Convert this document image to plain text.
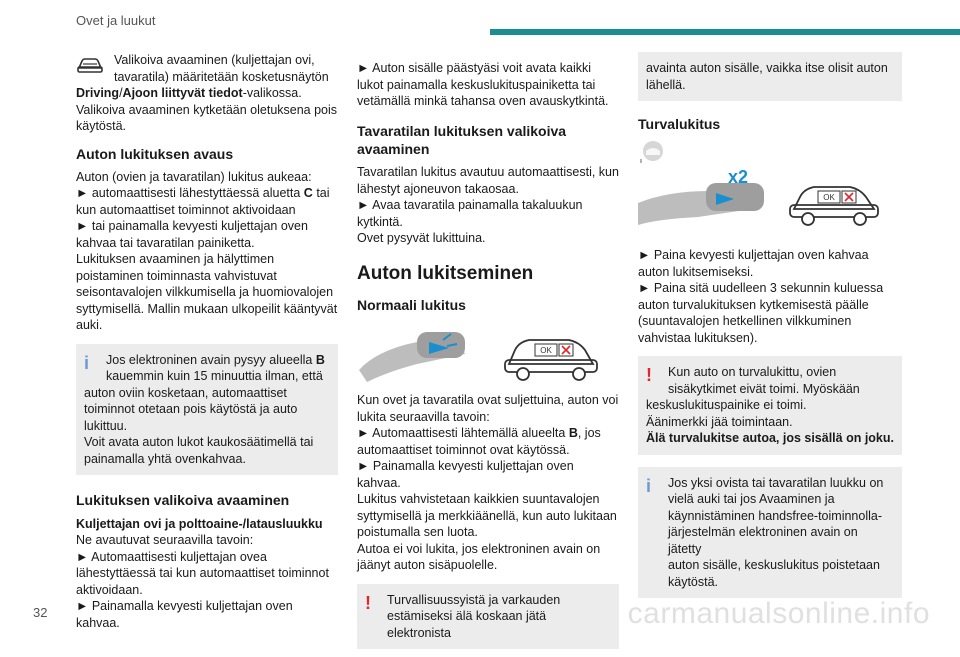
Ovet ja luukut

Valikoiva avaaminen (kuljettajan ovi,
tavaratila) määritetään kosketusnäytön
Driving/Ajoon liittyvät tiedot-valikossa.

Valikoiva avaaminen kytketään oletuksena pois käytöstä.

Auton lukituksen avaus

Auton (ovien ja tavaratilan) lukitus aukeaa:

► automaattisesti lähestyttäessä aluetta C tai kun automaattiset toiminnot aktivoidaan

► tai painamalla kevyesti kuljettajan oven kahvaa tai tavaratilan painiketta.

Lukituksen avaaminen ja hälyttimen poistaminen toiminnasta vahvistuvat seisontavalojen vilkkumisella ja huomiovalojen syttymisellä. Mallin mukaan ulkopeilit kääntyvät auki.

i	Jos elektroninen avain pysyy alueella B
kauemmin kuin 15 minuuttia ilman, että
auton oviin kosketaan, automaattiset toiminnot otetaan pois käytöstä ja auto lukittuu.
Voit avata auton lukot kaukosäätimellä tai painamalla yhtä ovenkahvaa.
Lukituksen valikoiva avaaminen

Kuljettajan ovi ja polttoaine-/latausluukku

Ne avautuvat seuraavilla tavoin:

► Automaattisesti kuljettajan ovea lähestyttäessä tai kun automaattiset toiminnot aktivoidaan.

► Painamalla kevyesti kuljettajan oven kahvaa.

► Auton sisälle päästyäsi voit avata kaikki lukot painamalla keskuslukituspainiketta tai vetämällä minkä tahansa oven avauskytkintä.

Tavaratilan lukituksen valikoiva avaaminen

Tavaratilan lukitus avautuu automaattisesti, kun lähestyt ajoneuvon takaosaa.

► Avaa tavaratila painamalla takaluukun kytkintä.

Ovet pysyvät lukittuina.

Auton lukitseminen
Normaali lukitus
OK

Kun ovet ja tavaratila ovat suljettuina, auton voi lukita seuraavilla tavoin:

► Automaattisesti lähtemällä alueelta B, jos automaattiset toiminnot ovat käytössä.

► Painamalla kevyesti kuljettajan oven kahvaa.

Lukitus vahvistetaan kaikkien suuntavalojen syttymisellä ja merkkiäänellä, kun auto lukitaan poistumalla sen luota.

Autoa ei voi lukita, jos elektroninen avain on jäänyt auton sisäpuolelle.

!	Turvallisuussyistä ja varkauden
estämiseksi älä koskaan jätä elektronista
avainta auton sisälle, vaikka itse olisit auton lähellä.
Turvalukitus
x2
OK

► Paina kevyesti kuljettajan oven kahvaa auton lukitsemiseksi.

► Paina sitä uudelleen 3 sekunnin kuluessa auton turvalukituksen kytkemisestä päälle (suuntavalojen hetkellinen vilkkuminen vahvistaa lukituksen).

!	Kun auto on turvalukittu, ovien
sisäkytkimet eivät toimi. Myöskään
keskuslukituspainike ei toimi.
Äänimerkki jää toimintaan.
Älä turvalukitse autoa, jos sisällä on joku.
i	Jos yksi ovista tai tavaratilan luukku on
vielä auki tai jos Avaaminen ja
käynnistäminen handsfree-toiminnolla-
järjestelmän elektroninen avain on jätetty
auton sisälle, keskuslukitus poistetaan
käytöstä.
32	carmanualsonline.info
